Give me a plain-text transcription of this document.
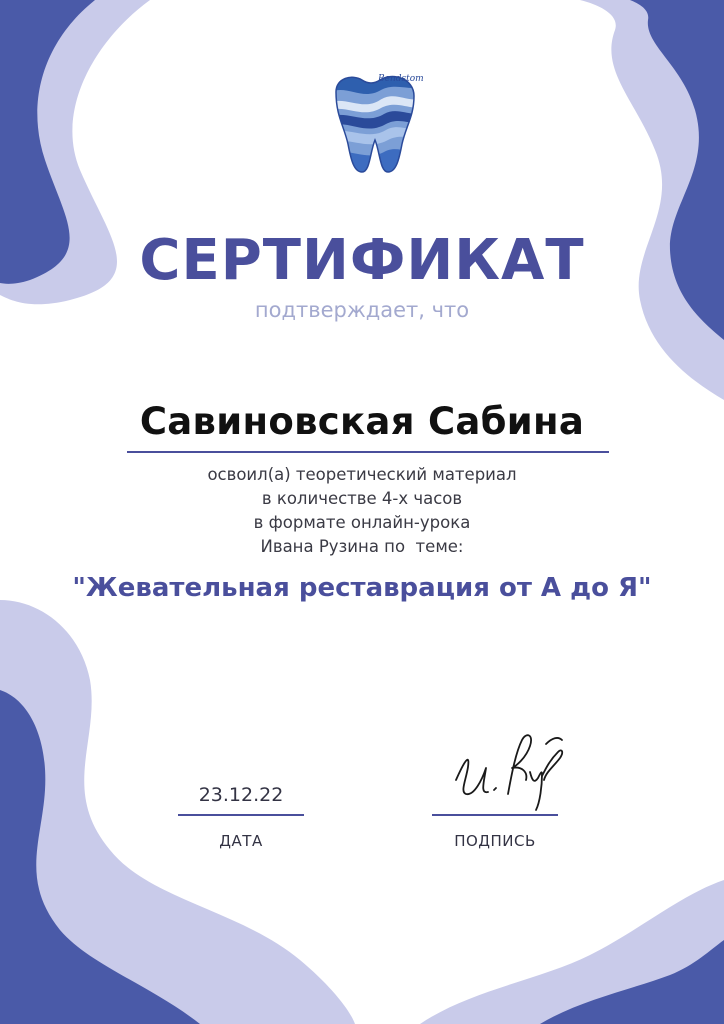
Bendstom
СЕРТИФИКАТ
подтверждает, что
Савиновская Сабина
освоил(а) теоретический материал
в количестве 4-х часов
в формате онлайн-урока
Ивана Рузина по  теме:
"Жевательная реставрация от А до Я"
23.12.22
ДАТА	ПОДПИСЬ
